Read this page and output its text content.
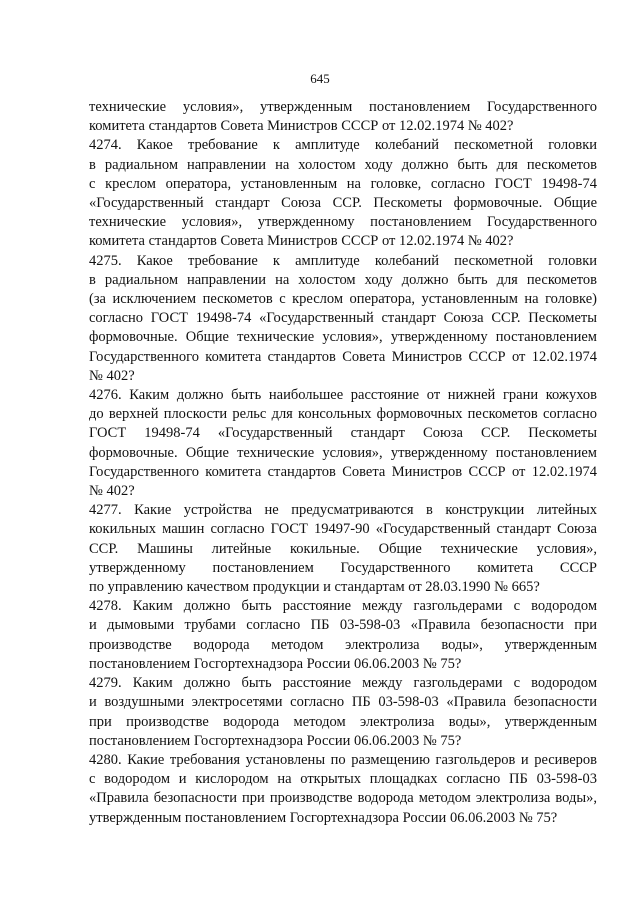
645

технические условия», утвержденным постановлением Государственного
комитета стандартов Совета Министров СССР от 12.02.1974 № 402?

4274. Какое требование к амплитуде колебаний пескометной головки
в радиальном направлении на холостом ходу должно быть для пескометов
с креслом оператора, установленным на головке, согласно ГОСТ 19498-74
«Государственный стандарт Союза ССР. Пескометы формовочные. Общие
технические условия», утвержденному постановлением Государственного
комитета стандартов Совета Министров СССР от 12.02.1974 № 402?

4275. Какое требование к амплитуде колебаний пескометной головки
в радиальном направлении на холостом ходу должно быть для пескометов
(за исключением пескометов с креслом оператора, установленным на головке)
согласно ГОСТ 19498-74 «Государственный стандарт Союза ССР. Пескометы
формовочные. Общие технические условия», утвержденному постановлением
Государственного комитета стандартов Совета Министров СССР от 12.02.1974
№ 402?

4276. Каким должно быть наибольшее расстояние от нижней грани кожухов
до верхней плоскости рельс для консольных формовочных пескометов согласно
ГОСТ 19498-74 «Государственный стандарт Союза ССР. Пескометы
формовочные. Общие технические условия», утвержденному постановлением
Государственного комитета стандартов Совета Министров СССР от 12.02.1974
№ 402?

4277. Какие устройства не предусматриваются в конструкции литейных
кокильных машин согласно ГОСТ 19497-90 «Государственный стандарт Союза
ССР. Машины литейные кокильные. Общие технические условия»,
утвержденному постановлением Государственного комитета СССР
по управлению качеством продукции и стандартам от 28.03.1990 № 665?

4278. Каким должно быть расстояние между газгольдерами с водородом
и дымовыми трубами согласно ПБ 03-598-03 «Правила безопасности при
производстве водорода методом электролиза воды», утвержденным
постановлением Госгортехнадзора России 06.06.2003 № 75?

4279. Каким должно быть расстояние между газгольдерами с водородом
и воздушными электросетями согласно ПБ 03-598-03 «Правила безопасности
при производстве водорода методом электролиза воды», утвержденным
постановлением Госгортехнадзора России 06.06.2003 № 75?

4280. Какие требования установлены по размещению газгольдеров и ресиверов
с водородом и кислородом на открытых площадках согласно ПБ 03-598-03
«Правила безопасности при производстве водорода методом электролиза воды»,
утвержденным постановлением Госгортехнадзора России 06.06.2003 № 75?
